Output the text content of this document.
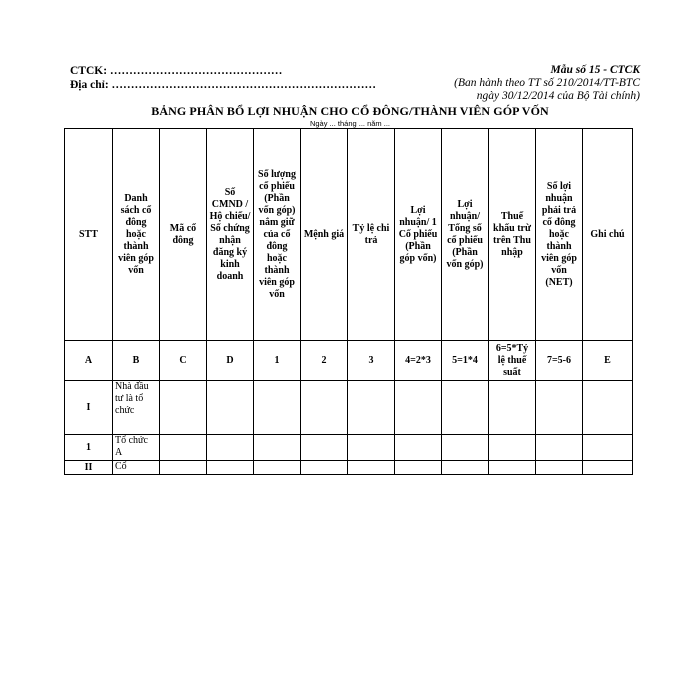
CTCK: ………………………………………
Địa chỉ: ……………………………………………………………
Mẫu số 15 - CTCK
(Ban hành theo TT số 210/2014/TT-BTC
ngày 30/12/2014 của Bộ Tài chính)
BẢNG PHÂN BỔ LỢI NHUẬN CHO CỔ ĐÔNG/THÀNH VIÊN GÓP VỐN
Ngày ... tháng ... năm ...
STT	Danh sách cổ đông hoặc thành viên góp vốn	Mã cổ đông	Số CMND / Hộ chiếu/ Số chứng nhận đăng ký kinh doanh	Số lượng cổ phiếu (Phần vốn góp) nắm giữ của cổ đông hoặc thành viên góp vốn	Mệnh giá	Tỷ lệ chi trả	Lợi nhuận/ 1 Cổ phiếu (Phần góp vốn)	Lợi nhuận/ Tổng số cổ phiếu (Phần vốn góp)	Thuế khấu trừ trên Thu nhập	Số lợi nhuận phải trả cổ đông hoặc thành viên góp vốn (NET)	Ghi chú
A	B	C	D	1	2	3	4=2*3	5=1*4	6=5*Tỷ lệ thuế suất	7=5-6	E
I	Nhà đầu tư là tổ chức										
1	Tổ chức A										
II	Cổ										
